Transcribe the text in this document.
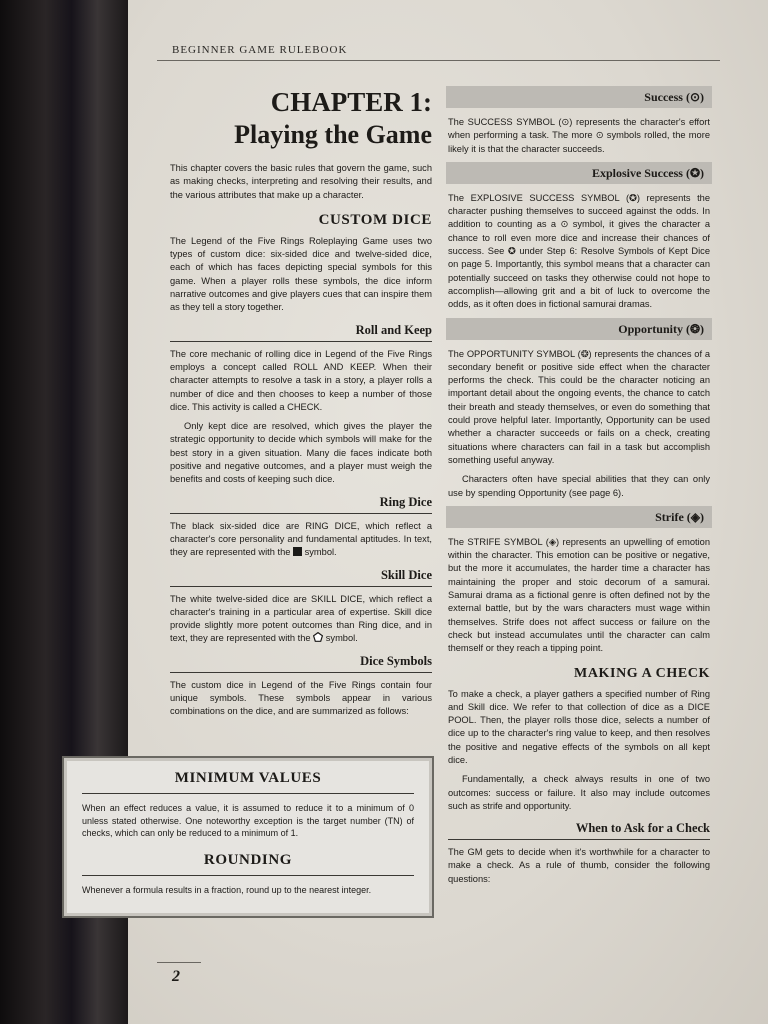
BEGINNER GAME RULEBOOK
CHAPTER 1:
Playing the Game

This chapter covers the basic rules that govern the game, such as making checks, interpreting and resolving their results, and the various attributes that make up a character.

CUSTOM DICE

The Legend of the Five Rings Roleplaying Game uses two types of custom dice: six-sided dice and twelve-sided dice, each of which has faces depicting special symbols for this game. When a player rolls these symbols, the dice inform narrative outcomes and give players cues that can inspire them as they tell a story together.

Roll and Keep

The core mechanic of rolling dice in Legend of the Five Rings employs a concept called ROLL AND KEEP. When their character attempts to resolve a task in a story, a player rolls a number of dice and then chooses to keep a number of those dice. This activity is called a CHECK.

Only kept dice are resolved, which gives the player the strategic opportunity to decide which symbols will make for the best story in a given situation. Many die faces indicate both positive and negative outcomes, and a player must weigh the benefits and costs of keeping such dice.

Ring Dice

The black six-sided dice are RING DICE, which reflect a character's core personality and fundamental aptitudes. In text, they are represented with the symbol.

Skill Dice

The white twelve-sided dice are SKILL DICE, which reflect a character's training in a particular area of expertise. Skill dice provide slightly more potent outcomes than Ring dice, and in text, they are represented with the symbol.

Dice Symbols

The custom dice in Legend of the Five Rings contain four unique symbols. These symbols appear in various combinations on the dice, and are summarized as follows:

MINIMUM VALUES

When an effect reduces a value, it is assumed to reduce it to a minimum of 0 unless stated otherwise. One noteworthy exception is the target number (TN) of checks, which can only be reduced to a minimum of 1.

ROUNDING

Whenever a formula results in a fraction, round up to the nearest integer.

Success (⊙)

The SUCCESS SYMBOL (⊙) represents the character's effort when performing a task. The more ⊙ symbols rolled, the more likely it is that the character succeeds.

Explosive Success (✪)

The EXPLOSIVE SUCCESS SYMBOL (✪) represents the character pushing themselves to succeed against the odds. In addition to counting as a ⊙ symbol, it gives the character a chance to roll even more dice and increase their chances of success. See ✪ under Step 6: Resolve Symbols of Kept Dice on page 5. Importantly, this symbol means that a character can potentially succeed on tasks they otherwise could not hope to accomplish—allowing grit and a bit of luck to overcome the odds, as it often does in fictional samurai dramas.

Opportunity (❂)

The OPPORTUNITY SYMBOL (❂) represents the chances of a secondary benefit or positive side effect when the character performs the check. This could be the character noticing an important detail about the ongoing events, the chance to catch their breath and steady themselves, or even do something that could prove helpful later. Importantly, Opportunity can be used whether a character succeeds or fails on a check, creating situations where characters can fail in a task but accomplish something useful anyway.

Characters often have special abilities that they can only use by spending Opportunity (see page 6).

Strife (◈)

The STRIFE SYMBOL (◈) represents an upwelling of emotion within the character. This emotion can be positive or negative, but the more it accumulates, the harder time a character has maintaining the proper and stoic decorum of a samurai. Samurai drama as a fictional genre is often defined not by the external battle, but by the wars characters must wage within themselves. Strife does not affect success or failure on the check but instead accumulates until the character can calm themself or they reach a tipping point.

MAKING A CHECK

To make a check, a player gathers a specified number of Ring and Skill dice. We refer to that collection of dice as a DICE POOL. Then, the player rolls those dice, selects a number of dice up to the character's ring value to keep, and then resolves the positive and negative effects of the symbols on all kept dice.

Fundamentally, a check always results in one of two outcomes: success or failure. It also may include outcomes such as strife and opportunity.

When to Ask for a Check

The GM gets to decide when it's worthwhile for a character to make a check. As a rule of thumb, consider the following questions:

2
